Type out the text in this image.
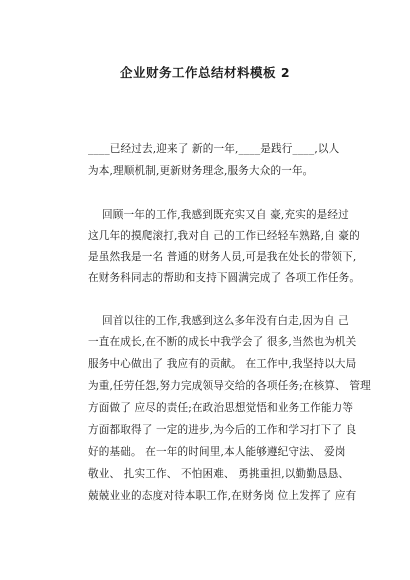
企业财务工作总结材料模板 2
____已经过去,迎来了 新的一年,____是践行____,以人
为本,理顺机制,更新财务理念,服务大众的一年。
回顾一年的工作,我感到既充实又自 豪,充实的是经过
这几年的摸爬滚打,我对自 己的工作已经轻车熟路,自 豪的
是虽然我是一名 普通的财务人员,可是我在处长的带领下,
在财务科同志的帮助和支持下圆满完成了 各项工作任务。
回首以往的工作,我感到这么多年没有白走,因为自 己
一直在成长,在不断的成长中我学会了 很多,当然也为机关
服务中心做出了 我应有的贡献。 在工作中,我坚持以大局
为重,任劳任怨,努力完成领导交给的各项任务;在核算、 管理
方面做了 应尽的责任;在政治思想觉悟和业务工作能力等
方面都取得了 一定的进步,为今后的工作和学习打下了 良
好的基础。 在一年的时间里,本人能够遵纪守法、 爱岗
敬业、 扎实工作、 不怕困难、 勇挑重担,以勤勤恳恳、
兢兢业业的态度对待本职工作,在财务岗 位上发挥了 应有
